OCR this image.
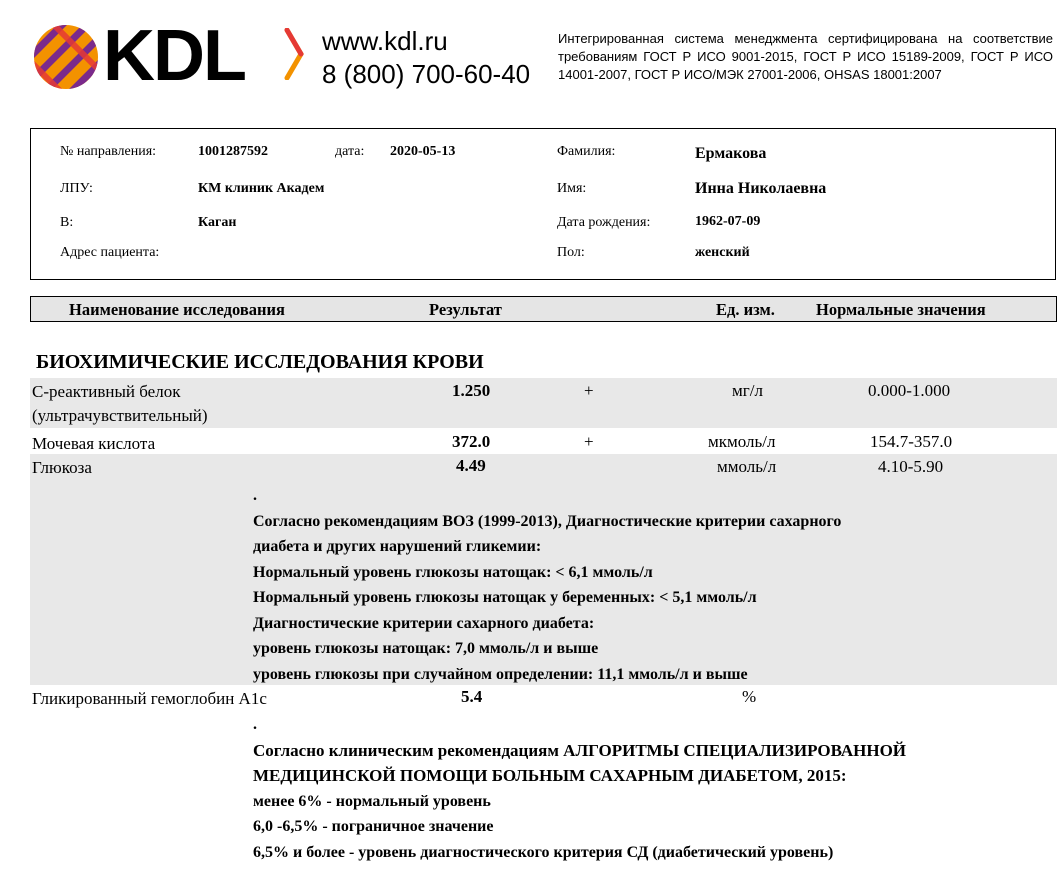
KDL	www.kdl.ru
8 (800) 700-60-40
Интегрированная система менеджмента сертифицирована на соответствие требованиям ГОСТ Р ИСО 9001-2015, ГОСТ Р ИСО 15189-2009, ГОСТ Р ИСО 14001-2007, ГОСТ Р ИСО/МЭК 27001-2006, OHSAS 18001:2007
№ направления:	1001287592	дата: 2020-05-13
ЛПУ:	КМ клиник Академ
В:	Каган
Адрес пациента:
Фамилия:	Ермакова
Имя:	Инна Николаевна
Дата рождения:	1962-07-09
Пол:	женский
Наименование исследования	Результат	Ед. изм. Нормальные значения
БИОХИМИЧЕСКИЕ ИССЛЕДОВАНИЯ КРОВИ
С-реактивный белок
(ультрачувствительный)
1.250	+	мг/л	0.000-1.000
Мочевая кислота	372.0	+	мкмоль/л	154.7-357.0
Глюкоза	4.49	ммоль/л	4.10-5.90
.
Согласно рекомендациям ВОЗ (1999-2013), Диагностические критерии сахарного
диабета и других нарушений гликемии:
Нормальный уровень глюкозы натощак: < 6,1 ммоль/л
Нормальный уровень глюкозы натощак у беременных: < 5,1 ммоль/л
Диагностические критерии сахарного диабета:
уровень глюкозы натощак: 7,0 ммоль/л и выше
уровень глюкозы при случайном определении: 11,1 ммоль/л и выше
Гликированный гемоглобин А1с	5.4	%
.
Согласно клиническим рекомендациям АЛГОРИТМЫ СПЕЦИАЛИЗИРОВАННОЙ
МЕДИЦИНСКОЙ ПОМОЩИ БОЛЬНЫМ САХАРНЫМ ДИАБЕТОМ, 2015:
менее 6% - нормальный уровень
6,0 -6,5% - пограничное значение
6,5% и более - уровень диагностического критерия СД (диабетический уровень)
